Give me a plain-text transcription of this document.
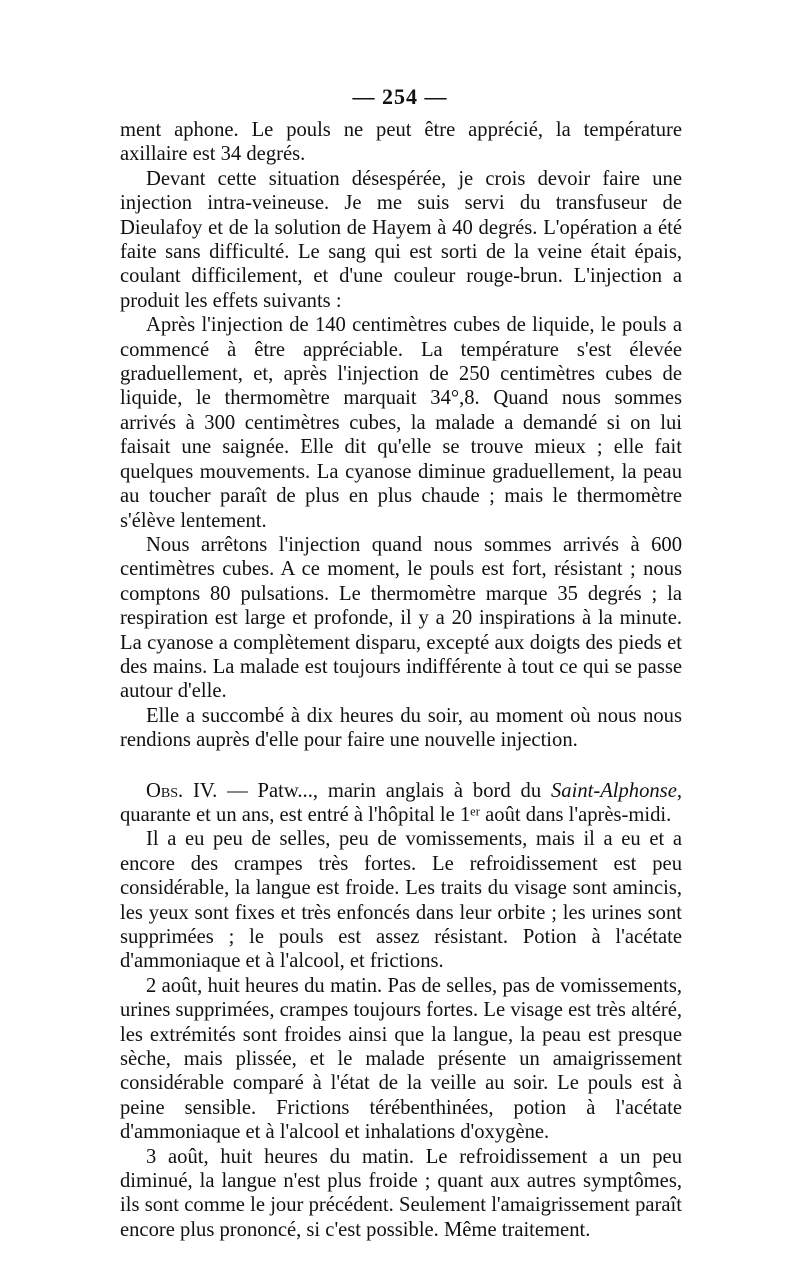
— 254 —

ment aphone. Le pouls ne peut être apprécié, la température axillaire est 34 degrés.

Devant cette situation désespérée, je crois devoir faire une injection intra-veineuse. Je me suis servi du transfuseur de Dieulafoy et de la solution de Hayem à 40 degrés. L'opération a été faite sans difficulté. Le sang qui est sorti de la veine était épais, coulant difficilement, et d'une couleur rouge-brun. L'injection a produit les effets suivants :

Après l'injection de 140 centimètres cubes de liquide, le pouls a commencé à être appréciable. La température s'est élevée graduellement, et, après l'injection de 250 centimètres cubes de liquide, le thermomètre marquait 34°,8. Quand nous sommes arrivés à 300 centimètres cubes, la malade a demandé si on lui faisait une saignée. Elle dit qu'elle se trouve mieux ; elle fait quelques mouvements. La cyanose diminue graduellement, la peau au toucher paraît de plus en plus chaude ; mais le thermomètre s'élève lentement.

Nous arrêtons l'injection quand nous sommes arrivés à 600 centimètres cubes. A ce moment, le pouls est fort, résistant ; nous comptons 80 pulsations. Le thermomètre marque 35 degrés ; la respiration est large et profonde, il y a 20 inspirations à la minute. La cyanose a complètement disparu, excepté aux doigts des pieds et des mains. La malade est toujours indifférente à tout ce qui se passe autour d'elle.

Elle a succombé à dix heures du soir, au moment où nous nous rendions auprès d'elle pour faire une nouvelle injection.

Obs. IV. — Patw..., marin anglais à bord du Saint-Alphonse, quarante et un ans, est entré à l'hôpital le 1ᵉʳ août dans l'après-midi.

Il a eu peu de selles, peu de vomissements, mais il a eu et a encore des crampes très fortes. Le refroidissement est peu considérable, la langue est froide. Les traits du visage sont amincis, les yeux sont fixes et très enfoncés dans leur orbite ; les urines sont supprimées ; le pouls est assez résistant. Potion à l'acétate d'ammoniaque et à l'alcool, et frictions.

2 août, huit heures du matin. Pas de selles, pas de vomissements, urines supprimées, crampes toujours fortes. Le visage est très altéré, les extrémités sont froides ainsi que la langue, la peau est presque sèche, mais plissée, et le malade présente un amaigrissement considérable comparé à l'état de la veille au soir. Le pouls est à peine sensible. Frictions térébenthinées, potion à l'acétate d'ammoniaque et à l'alcool et inhalations d'oxygène.

3 août, huit heures du matin. Le refroidissement a un peu diminué, la langue n'est plus froide ; quant aux autres symptômes, ils sont comme le jour précédent. Seulement l'amaigrissement paraît encore plus prononcé, si c'est possible. Même traitement.
